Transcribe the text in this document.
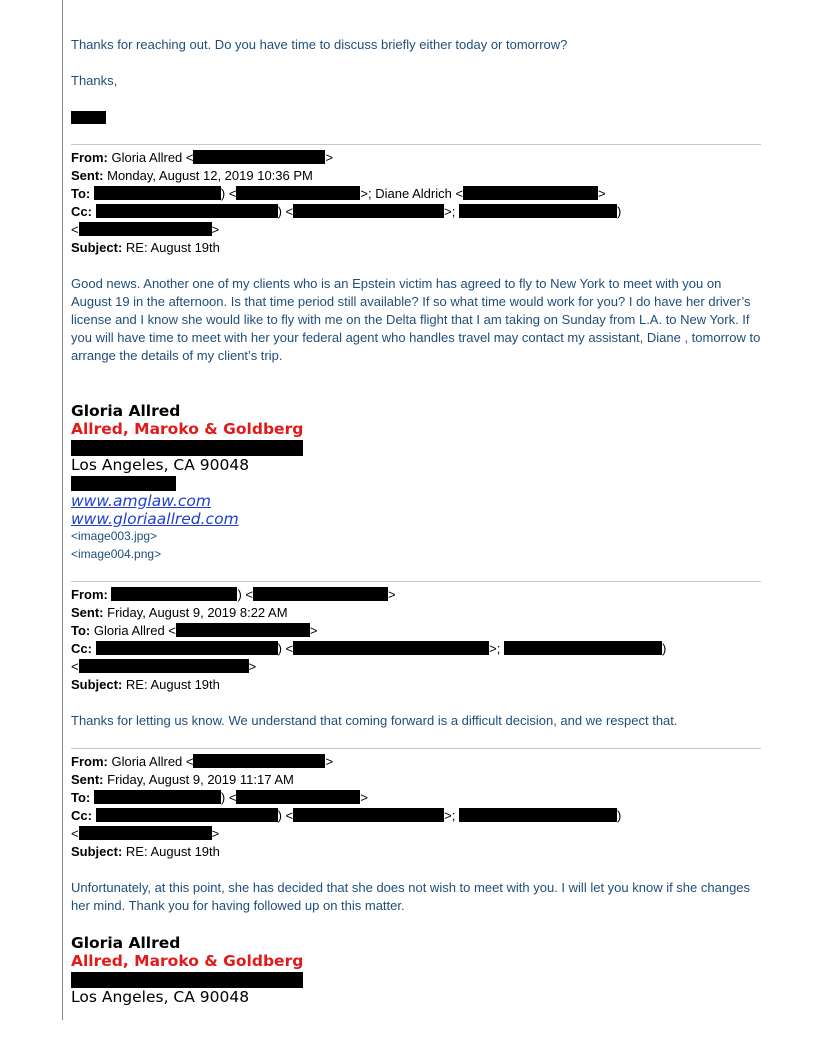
Thanks for reaching out. Do you have time to discuss briefly either today or tomorrow?
Thanks,
From: Gloria Allred <	>
Sent: Monday, August 12, 2019 10:36 PM
To:	) <	>; Diane Aldrich <	>
Cc:	) <	>;	)
<	>
Subject: RE: August 19th
Good news. Another one of my clients who is an Epstein victim has agreed to fly to New York to meet with you on August 19 in the afternoon. Is that time period still available? If so what time would work for you? I do have her driver’s license and I know she would like to fly with me on the Delta flight that I am taking on Sunday from L.A. to New York. If you will have time to meet with her your federal agent who handles travel may contact my assistant, Diane , tomorrow to arrange the details of my client’s trip.
Gloria Allred
Allred, Maroko & Goldberg
Los Angeles, CA 90048
www.amglaw.com
www.gloriaallred.com
<image003.jpg>
<image004.png>
From:	) <	>
Sent: Friday, August 9, 2019 8:22 AM
To: Gloria Allred <	>
Cc:	) <	>;	)
<	>
Subject: RE: August 19th
Thanks for letting us know. We understand that coming forward is a difficult decision, and we respect that.
From: Gloria Allred <	>
Sent: Friday, August 9, 2019 11:17 AM
To:	) <	>
Cc:	) <	>;	)
<	>
Subject: RE: August 19th
Unfortunately, at this point, she has decided that she does not wish to meet with you. I will let you know if she changes her mind. Thank you for having followed up on this matter.
Gloria Allred
Allred, Maroko & Goldberg
Los Angeles, CA 90048
